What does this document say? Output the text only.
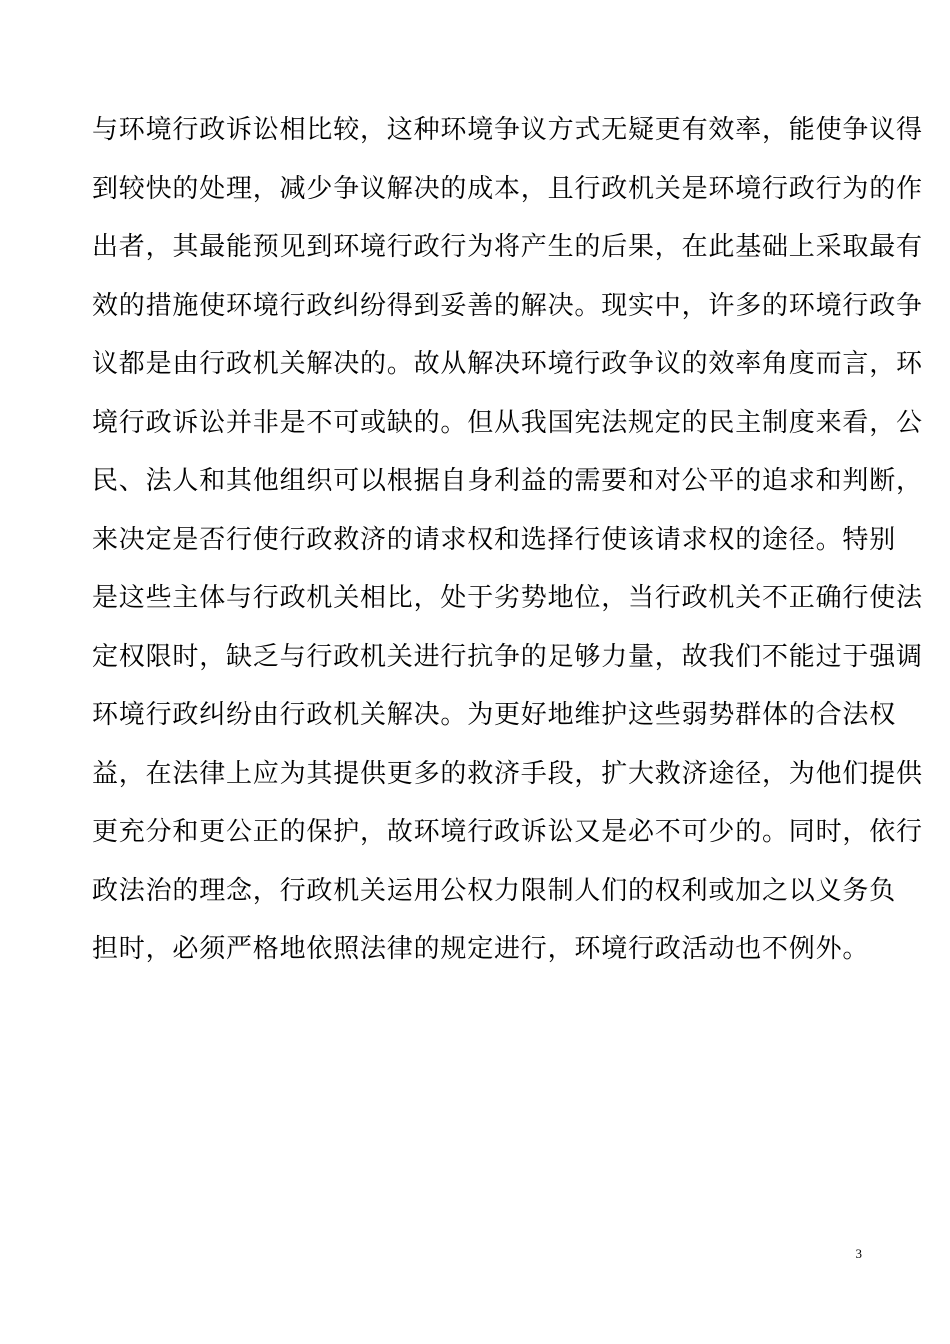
与环境行政诉讼相比较，这种环境争议方式无疑更有效率，能使争议得
到较快的处理，减少争议解决的成本，且行政机关是环境行政行为的作
出者，其最能预见到环境行政行为将产生的后果，在此基础上采取最有
效的措施使环境行政纠纷得到妥善的解决。现实中，许多的环境行政争
议都是由行政机关解决的。故从解决环境行政争议的效率角度而言，环
境行政诉讼并非是不可或缺的。但从我国宪法规定的民主制度来看，公
民、法人和其他组织可以根据自身利益的需要和对公平的追求和判断，
来决定是否行使行政救济的请求权和选择行使该请求权的途径。特别
是这些主体与行政机关相比，处于劣势地位，当行政机关不正确行使法
定权限时，缺乏与行政机关进行抗争的足够力量，故我们不能过于强调
环境行政纠纷由行政机关解决。为更好地维护这些弱势群体的合法权
益，在法律上应为其提供更多的救济手段，扩大救济途径，为他们提供
更充分和更公正的保护，故环境行政诉讼又是必不可少的。同时，依行
政法治的理念，行政机关运用公权力限制人们的权利或加之以义务负
担时，必须严格地依照法律的规定进行，环境行政活动也不例外。
3
